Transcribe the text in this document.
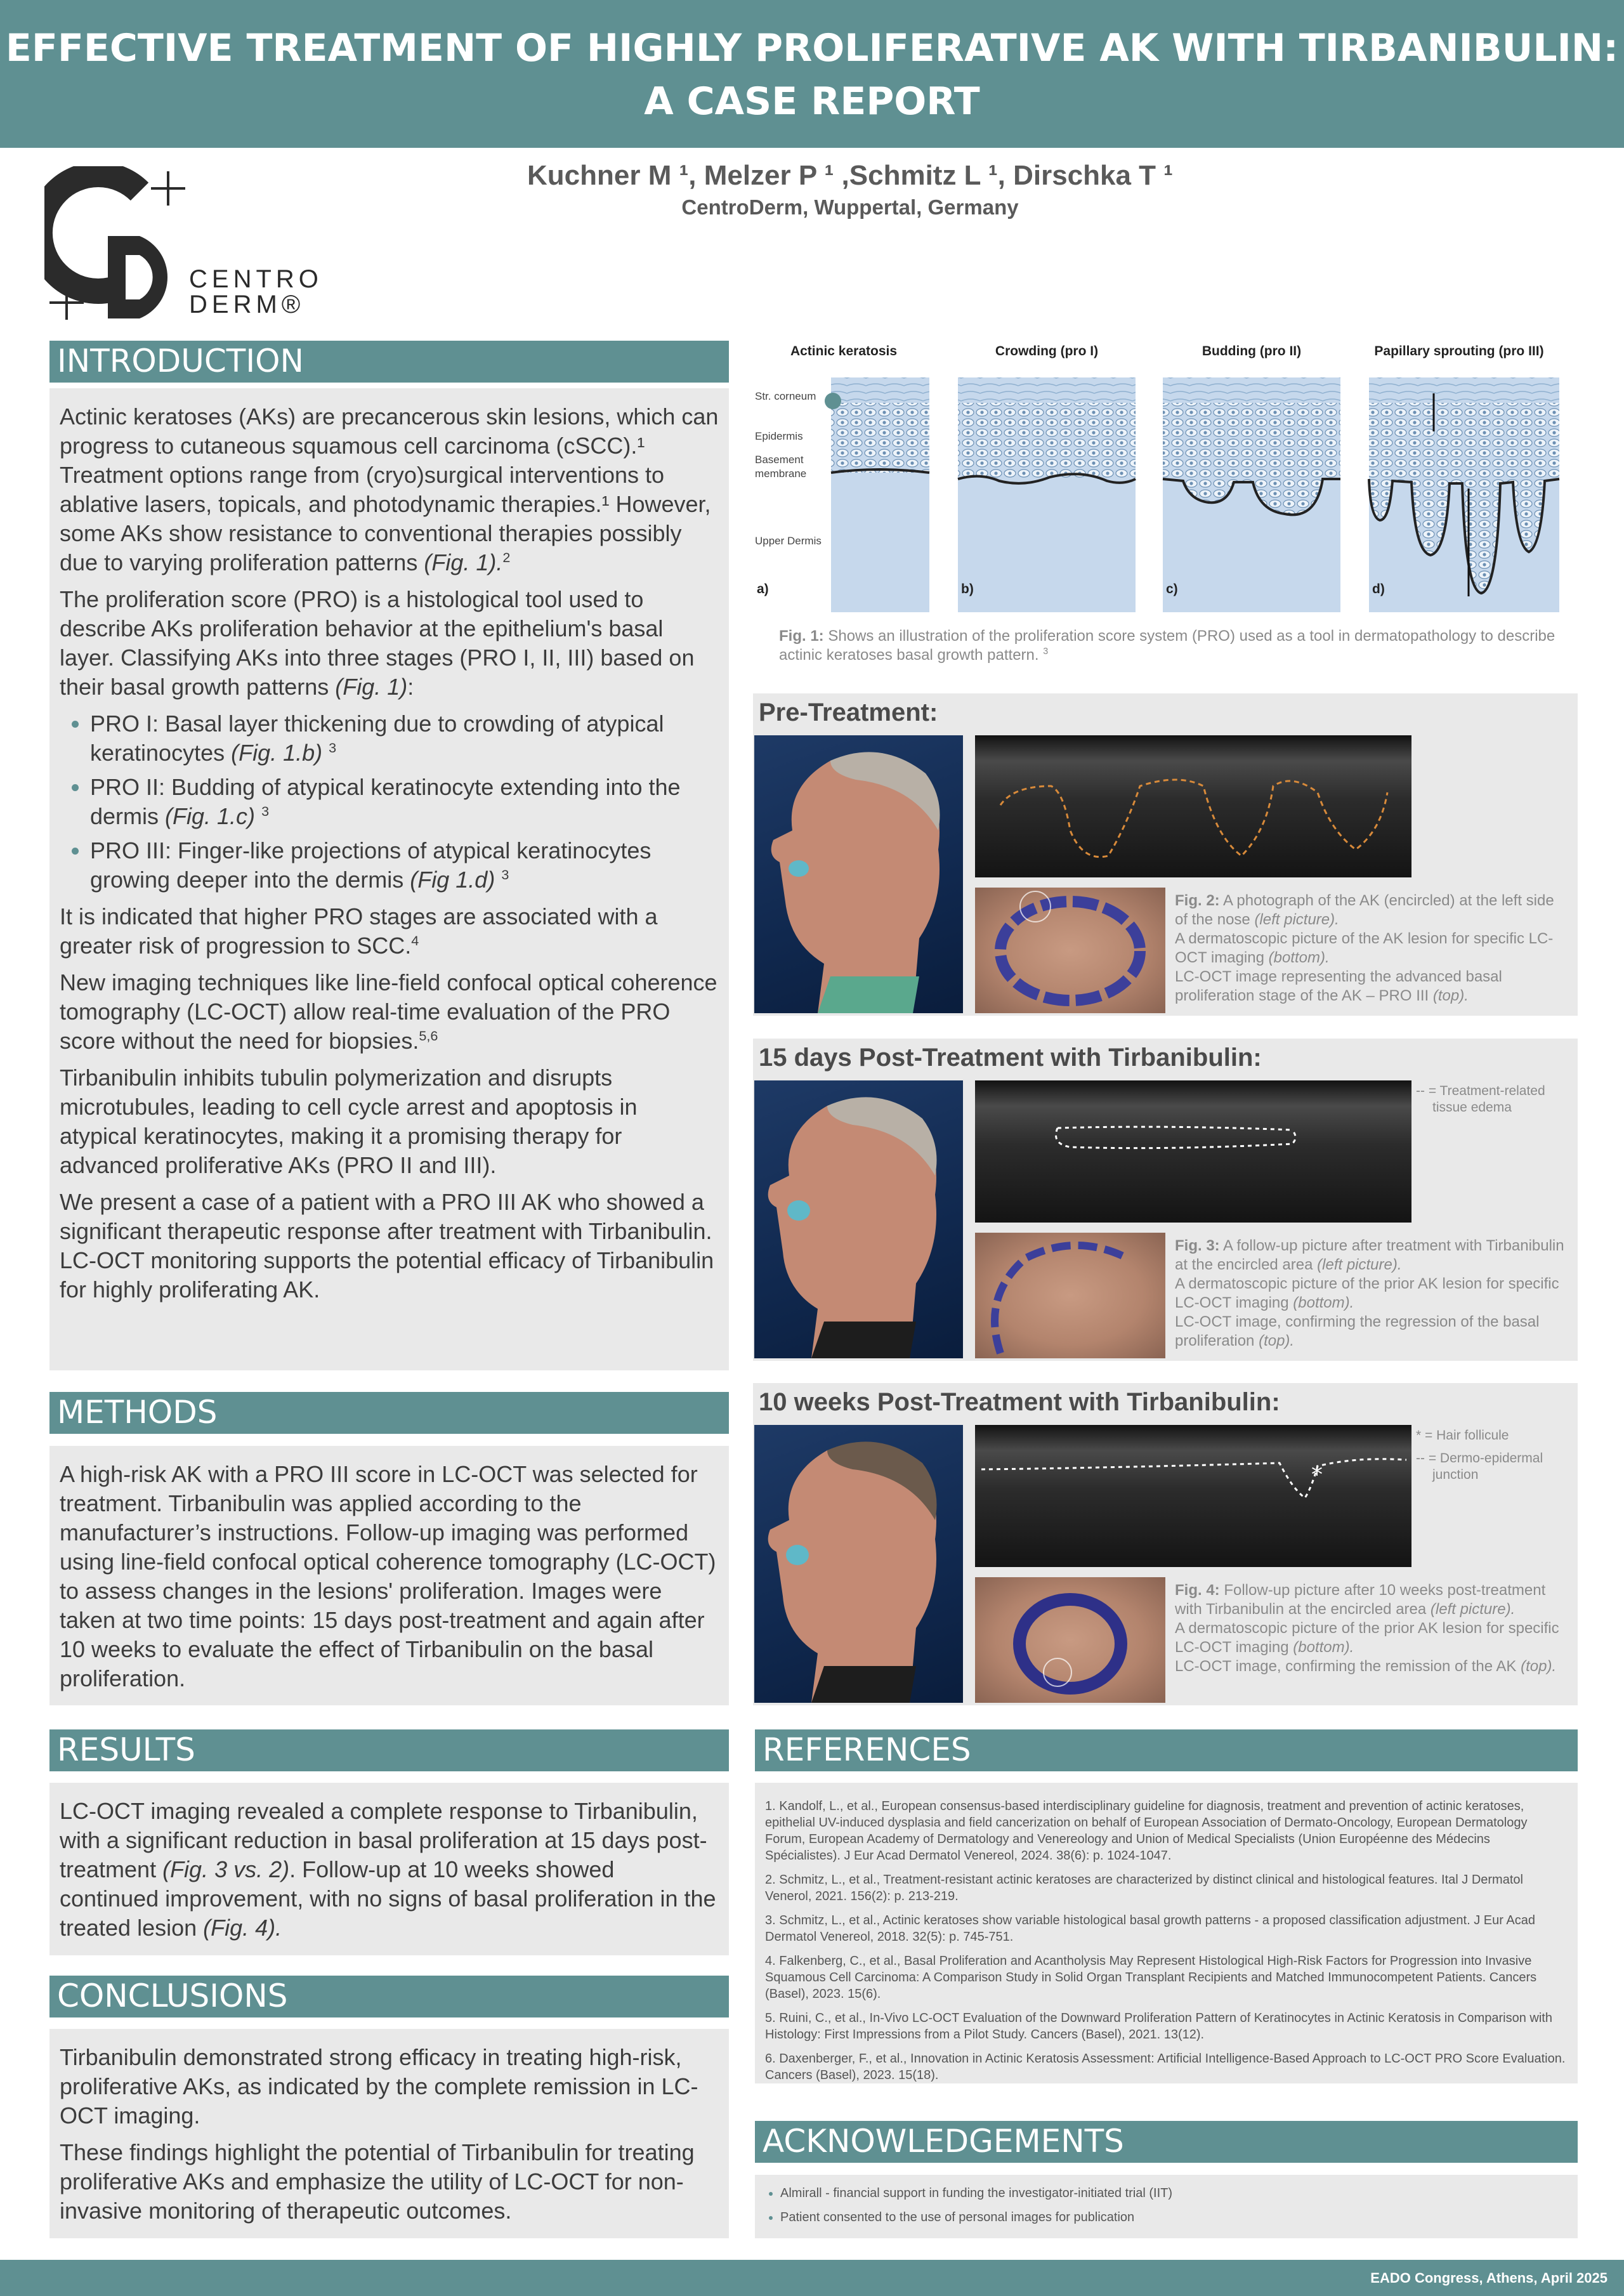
EFFECTIVE TREATMENT OF HIGHLY PROLIFERATIVE AK WITH TIRBANIBULIN:
A CASE REPORT
CENTRO
DERM®
Kuchner M ¹, Melzer P ¹ ,Schmitz L ¹, Dirschka T ¹
CentroDerm, Wuppertal, Germany
INTRODUCTION

Actinic keratoses (AKs) are precancerous skin lesions, which can progress to cutaneous squamous cell carcinoma (cSCC).¹ Treatment options range from (cryo)surgical interventions to ablative lasers, topicals, and photodynamic therapies.¹ However, some AKs show resistance to conventional therapies possibly due to varying proliferation patterns (Fig. 1).$^2$

The proliferation score (PRO) is a histological tool used to describe AKs proliferation behavior at the epithelium's basal layer. Classifying AKs into three stages (PRO I, II, III) based on their basal growth patterns (Fig. 1):

• PRO I: Basal layer thickening due to crowding of atypical keratinocytes (Fig. 1.b) $^3$
• PRO II: Budding of atypical keratinocyte extending into the dermis (Fig. 1.c) $^3$
• PRO III: Finger-like projections of atypical keratinocytes growing deeper into the dermis (Fig 1.d) $^3$

It is indicated that higher PRO stages are associated with a greater risk of progression to SCC.$^4$

New imaging techniques like line-field confocal optical coherence tomography (LC-OCT) allow real-time evaluation of the PRO score without the need for biopsies.$^{5,6}$

Tirbanibulin inhibits tubulin polymerization and disrupts microtubules, leading to cell cycle arrest and apoptosis in atypical keratinocytes, making it a promising therapy for advanced proliferative AKs (PRO II and III).

We present a case of a patient with a PRO III AK who showed a significant therapeutic response after treatment with Tirbanibulin. LC-OCT monitoring supports the potential efficacy of Tirbanibulin for highly proliferating AK.

METHODS

A high-risk AK with a PRO III score in LC-OCT was selected for treatment. Tirbanibulin was applied according to the manufacturer’s instructions. Follow-up imaging was performed using line-field confocal optical coherence tomography (LC-OCT) to assess changes in the lesions' proliferation. Images were taken at two time points: 15 days post-treatment and again after 10 weeks to evaluate the effect of Tirbanibulin on the basal proliferation.

RESULTS

LC-OCT imaging revealed a complete response to Tirbanibulin, with a significant reduction in basal proliferation at 15 days post-treatment (Fig. 3 vs. 2). Follow-up at 10 weeks showed continued improvement, with no signs of basal proliferation in the treated lesion (Fig. 4).

CONCLUSIONS

Tirbanibulin demonstrated strong efficacy in treating high-risk, proliferative AKs, as indicated by the complete remission in LC-OCT imaging.

These findings highlight the potential of Tirbanibulin for treating proliferative AKs and emphasize the utility of LC-OCT for non-invasive monitoring of therapeutic outcomes.

Actinic keratosis	Crowding (pro I)	Budding (pro II)	Papillary sprouting (pro III)
Str. corneum
Epidermis
Basement
membrane
Upper Dermis
a)	b)	c)	d)
Fig. 1: Shows an illustration of the proliferation score system (PRO) used as a tool in dermatopathology to describe actinic keratoses basal growth pattern. $^3$
Pre-Treatment:
Fig. 2: A photograph of the AK (encircled) at the left side of the nose (left picture).
A dermatoscopic picture of the AK lesion for specific LC-OCT imaging (bottom).
LC-OCT image representing the advanced basal proliferation stage of the AK – PRO III (top).
15 days Post-Treatment with Tirbanibulin:
-- = Treatment-related
tissue edema
Fig. 3: A follow-up picture after treatment with Tirbanibulin at the encircled area (left picture).
A dermatoscopic picture of the prior AK lesion for specific LC-OCT imaging (bottom).
LC-OCT image, confirming the regression of the basal proliferation (top).
10 weeks Post-Treatment with Tirbanibulin:
*
* = Hair follicule
-- = Dermo-epidermal
junction
Fig. 4: Follow-up picture after 10 weeks post-treatment with Tirbanibulin at the encircled area (left picture).
A dermatoscopic picture of the prior AK lesion for specific LC-OCT imaging (bottom).
LC-OCT image, confirming the remission of the AK (top).
REFERENCES

1. Kandolf, L., et al., European consensus-based interdisciplinary guideline for diagnosis, treatment and prevention of actinic keratoses, epithelial UV-induced dysplasia and field cancerization on behalf of European Association of Dermato-Oncology, European Dermatology Forum, European Academy of Dermatology and Venereology and Union of Medical Specialists (Union Européenne des Médecins Spécialistes). J Eur Acad Dermatol Venereol, 2024. 38(6): p. 1024-1047.

2. Schmitz, L., et al., Treatment-resistant actinic keratoses are characterized by distinct clinical and histological features. Ital J Dermatol Venerol, 2021. 156(2): p. 213-219.

3. Schmitz, L., et al., Actinic keratoses show variable histological basal growth patterns - a proposed classification adjustment. J Eur Acad Dermatol Venereol, 2018. 32(5): p. 745-751.

4. Falkenberg, C., et al., Basal Proliferation and Acantholysis May Represent Histological High-Risk Factors for Progression into Invasive Squamous Cell Carcinoma: A Comparison Study in Solid Organ Transplant Recipients and Matched Immunocompetent Patients. Cancers (Basel), 2023. 15(6).

5. Ruini, C., et al., In-Vivo LC-OCT Evaluation of the Downward Proliferation Pattern of Keratinocytes in Actinic Keratosis in Comparison with Histology: First Impressions from a Pilot Study. Cancers (Basel), 2021. 13(12).

6. Daxenberger, F., et al., Innovation in Actinic Keratosis Assessment: Artificial Intelligence-Based Approach to LC-OCT PRO Score Evaluation. Cancers (Basel), 2023. 15(18).

ACKNOWLEDGEMENTS
• Almirall - financial support in funding the investigator-initiated trial (IIT)
• Patient consented to the use of personal images for publication
EADO Congress, Athens, April 2025
